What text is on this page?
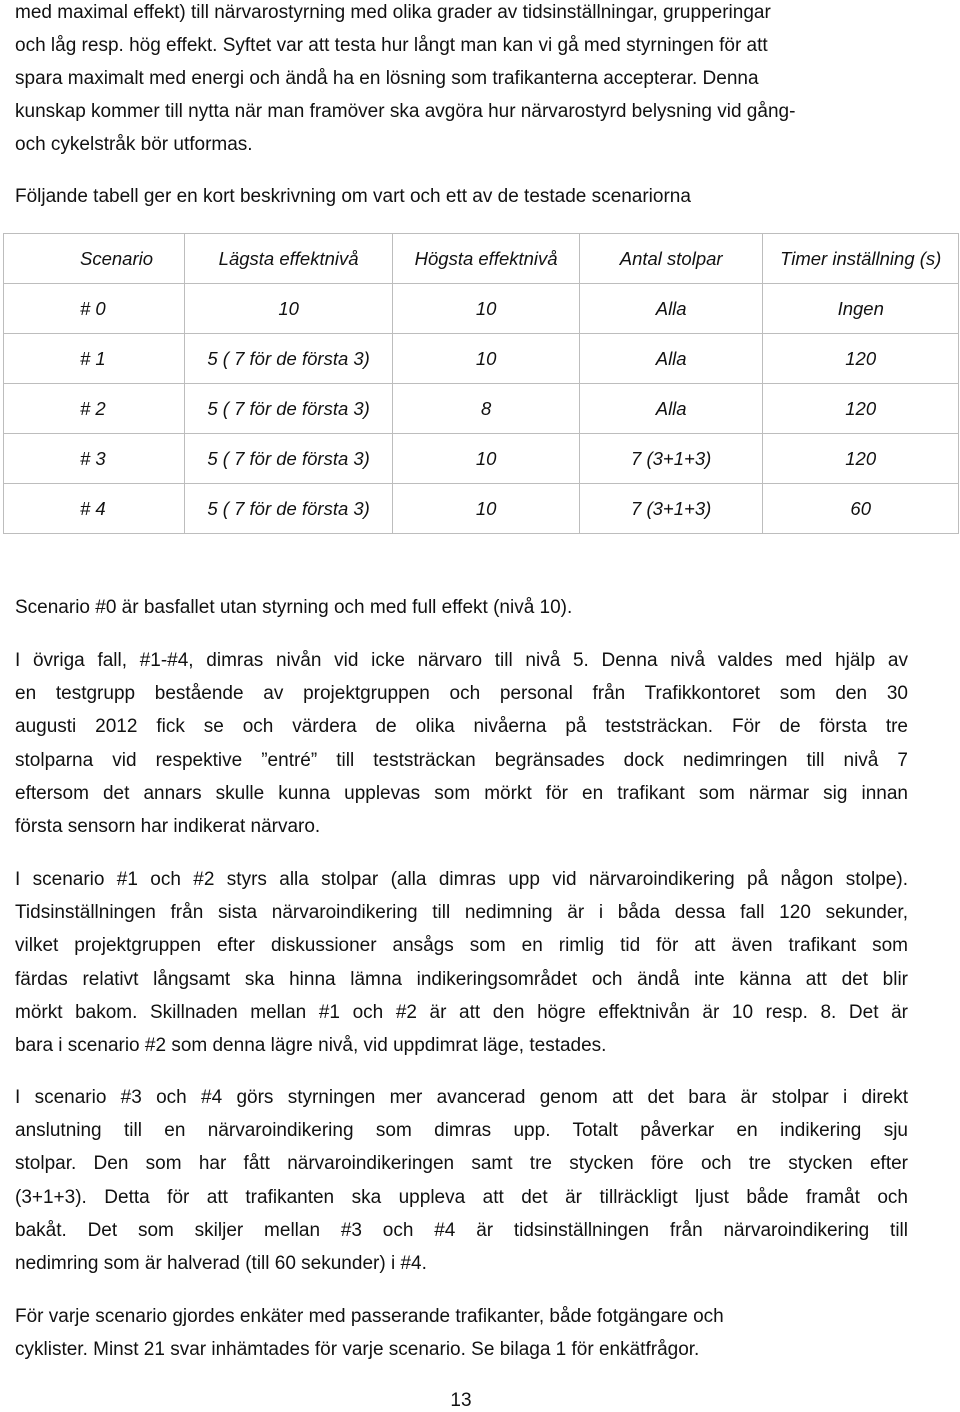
med maximal effekt) till närvarostyrning med olika grader av tidsinställningar, grupperingar
och låg resp. hög effekt. Syftet var att testa hur långt man kan vi gå med styrningen för att
spara maximalt med energi och ändå ha en lösning som trafikanterna accepterar. Denna
kunskap kommer till nytta när man framöver ska avgöra hur närvarostyrd belysning vid gång-
och cykelstråk bör utformas.

Följande tabell ger en kort beskrivning om vart och ett av de testade scenariorna

Scenario	Lägsta effektnivå	Högsta effektnivå	Antal stolpar	Timer inställning (s)
# 0	10	10	Alla	Ingen
# 1	5 ( 7 för de första 3)	10	Alla	120
# 2	5 ( 7 för de första 3)	8	Alla	120
# 3	5 ( 7 för de första 3)	10	7 (3+1+3)	120
# 4	5 ( 7 för de första 3)	10	7 (3+1+3)	60
Scenario #0 är basfallet utan styrning och med full effekt (nivå 10).
I övriga fall, #1-#4, dimras nivån vid icke närvaro till nivå 5. Denna nivå valdes med hjälp av
en testgrupp bestående av projektgruppen och personal från Trafikkontoret som den 30
augusti 2012 fick se och värdera de olika nivåerna på teststräckan. För de första tre
stolparna vid respektive ”entré” till teststräckan begränsades dock nedimringen till nivå 7
eftersom det annars skulle kunna upplevas som mörkt för en trafikant som närmar sig innan
första sensorn har indikerat närvaro.
I scenario #1 och #2 styrs alla stolpar (alla dimras upp vid närvaroindikering på någon stolpe).
Tidsinställningen från sista närvaroindikering till nedimning är i båda dessa fall 120 sekunder,
vilket projektgruppen efter diskussioner ansågs som en rimlig tid för att även trafikant som
färdas relativt långsamt ska hinna lämna indikeringsområdet och ändå inte känna att det blir
mörkt bakom. Skillnaden mellan #1 och #2 är att den högre effektnivån är 10 resp. 8. Det är
bara i scenario #2 som denna lägre nivå, vid uppdimrat läge, testades.
I scenario #3 och #4 görs styrningen mer avancerad genom att det bara är stolpar i direkt
anslutning till en närvaroindikering som dimras upp. Totalt påverkar en indikering sju
stolpar. Den som har fått närvaroindikeringen samt tre stycken före och tre stycken efter
(3+1+3). Detta för att trafikanten ska uppleva att det är tillräckligt ljust både framåt och
bakåt. Det som skiljer mellan #3 och #4 är tidsinställningen från närvaroindikering till
nedimring som är halverad (till 60 sekunder) i #4.
För varje scenario gjordes enkäter med passerande trafikanter, både fotgängare och
cyklister. Minst 21 svar inhämtades för varje scenario. Se bilaga 1 för enkätfrågor.
13
